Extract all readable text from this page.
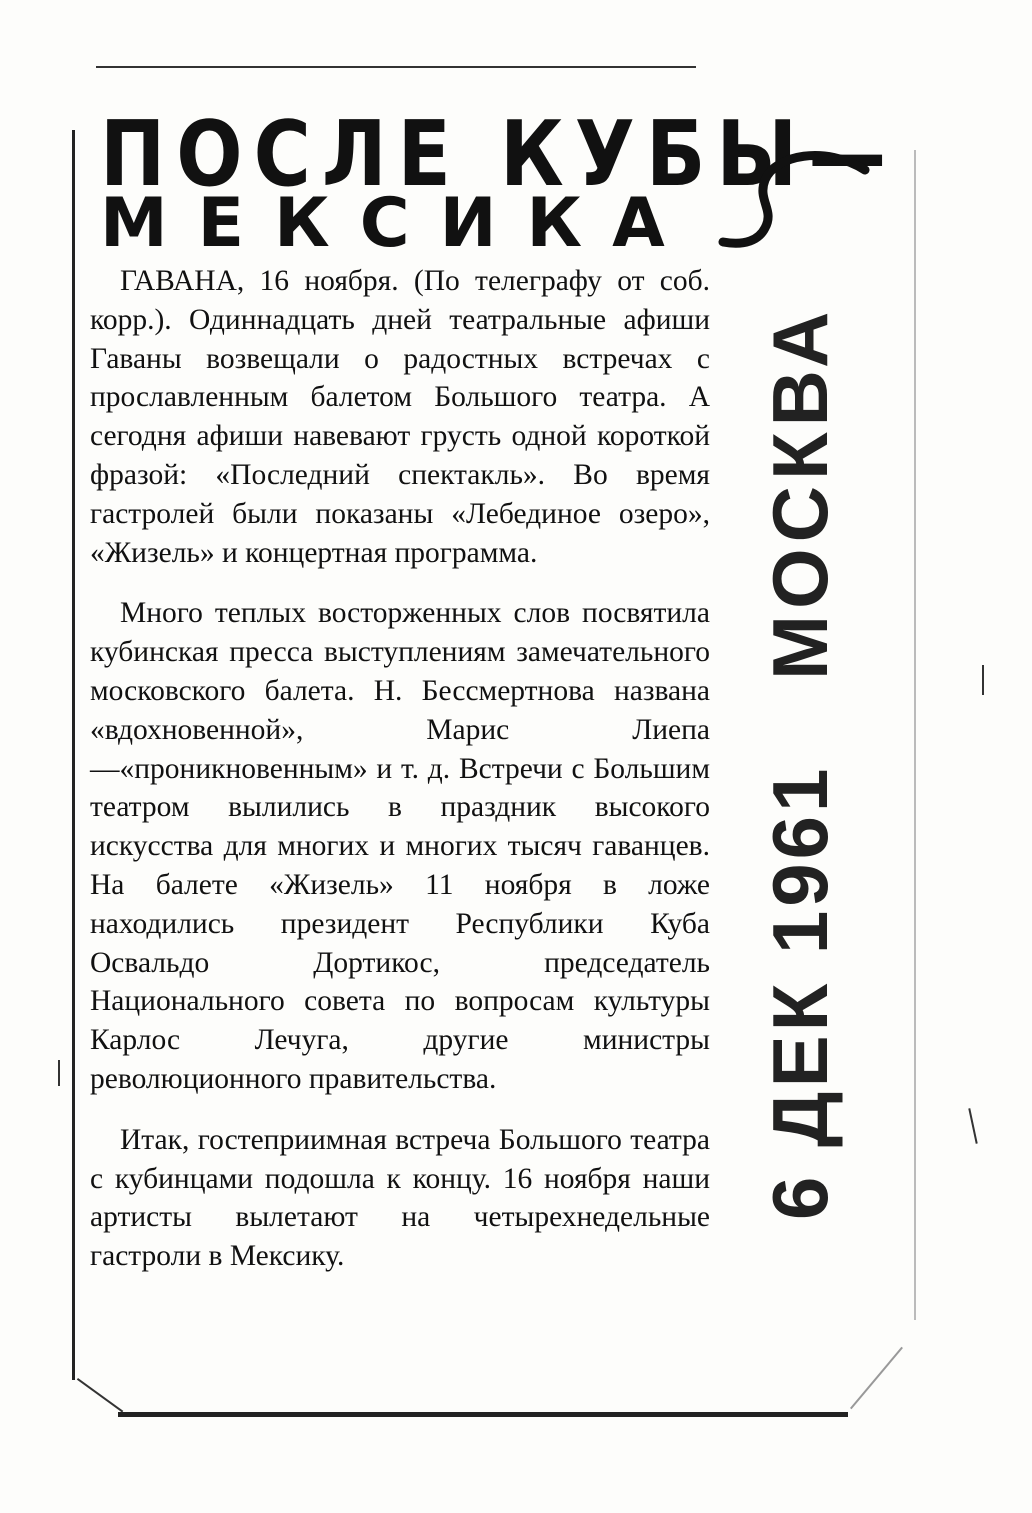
ПОСЛЕ КУБЫ—
МЕКСИКА

ГАВАНА, 16 ноября. (По телеграфу от соб. корр.). Одиннадцать дней театральные афиши Гаваны возвещали о радостных встречах с прославленным балетом Большого театра. А сегодня афиши навевают грусть одной короткой фразой: «Последний спектакль». Во время гастролей были показаны «Лебединое озеро», «Жизель» и концертная программа.

Много теплых восторженных слов посвятила кубинская пресса выступлениям замечательного московского балета. Н. Бессмертнова названа «вдохновенной», Марис Лиепа—«проникновенным» и т. д. Встречи с Большим театром вылились в праздник высокого искусства для многих и многих тысяч гаванцев. На балете «Жизель» 11 ноября в ложе находились президент Республики Куба Освальдо Дортикос, председатель Национального совета по вопросам культуры Карлос Лечуга, другие министры революционного правительства.

Итак, гостеприимная встреча Большого театра с кубинцами подошла к концу. 16 ноября наши артисты вылетают на четырехнедельные гастроли в Мексику.

6 ДЕК 1961
МОСКВА
